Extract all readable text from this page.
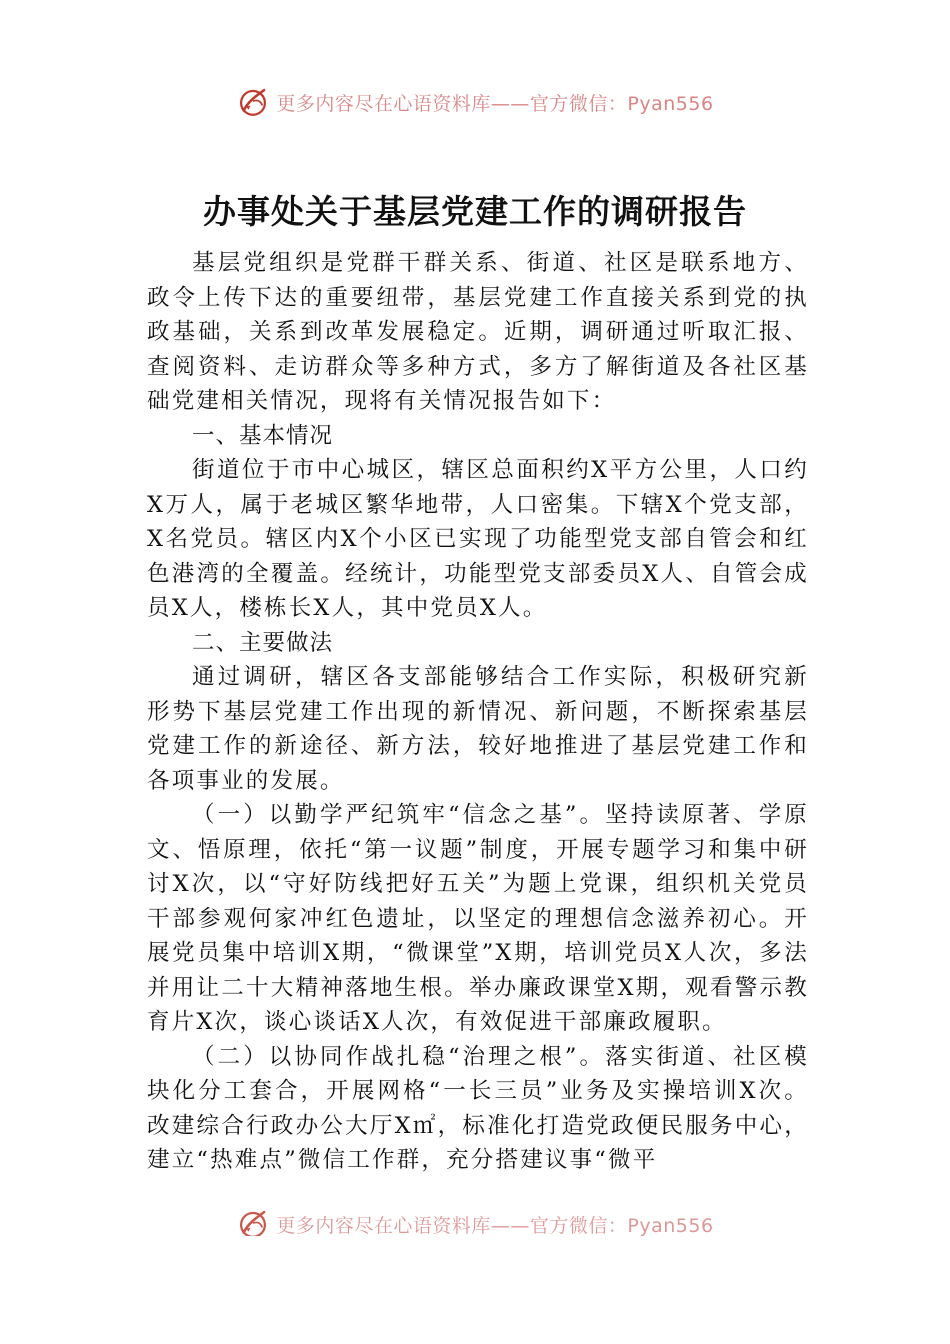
更多内容尽在心语资料库——官方微信：Pyan556
办事处关于基层党建工作的调研报告

基层党组织是党群干群关系、街道、社区是联系地方、政令上传下达的重要纽带，基层党建工作直接关系到党的执政基础，关系到改革发展稳定。近期，调研通过听取汇报、查阅资料、走访群众等多种方式，多方了解街道及各社区基础党建相关情况，现将有关情况报告如下：

一、基本情况

街道位于市中心城区，辖区总面积约X平方公里，人口约X万人，属于老城区繁华地带，人口密集。下辖X个党支部，X名党员。辖区内X个小区已实现了功能型党支部自管会和红色港湾的全覆盖。经统计，功能型党支部委员X人、自管会成员X人，楼栋长X人，其中党员X人。

二、主要做法

通过调研，辖区各支部能够结合工作实际，积极研究新形势下基层党建工作出现的新情况、新问题，不断探索基层党建工作的新途径、新方法，较好地推进了基层党建工作和各项事业的发展。

（一）以勤学严纪筑牢“信念之基”。坚持读原著、学原文、悟原理，依托“第一议题”制度，开展专题学习和集中研讨X次，以“守好防线把好五关”为题上党课，组织机关党员干部参观何家冲红色遗址，以坚定的理想信念滋养初心。开展党员集中培训X期，“微课堂”X期，培训党员X人次，多法并用让二十大精神落地生根。举办廉政课堂X期，观看警示教育片X次，谈心谈话X人次，有效促进干部廉政履职。

（二）以协同作战扎稳“治理之根”。落实街道、社区模块化分工套合，开展网格“一长三员”业务及实操培训X次。改建综合行政办公大厅X㎡，标准化打造党政便民服务中心，建立“热难点”微信工作群，充分搭建议事“微平

更多内容尽在心语资料库——官方微信：Pyan556
